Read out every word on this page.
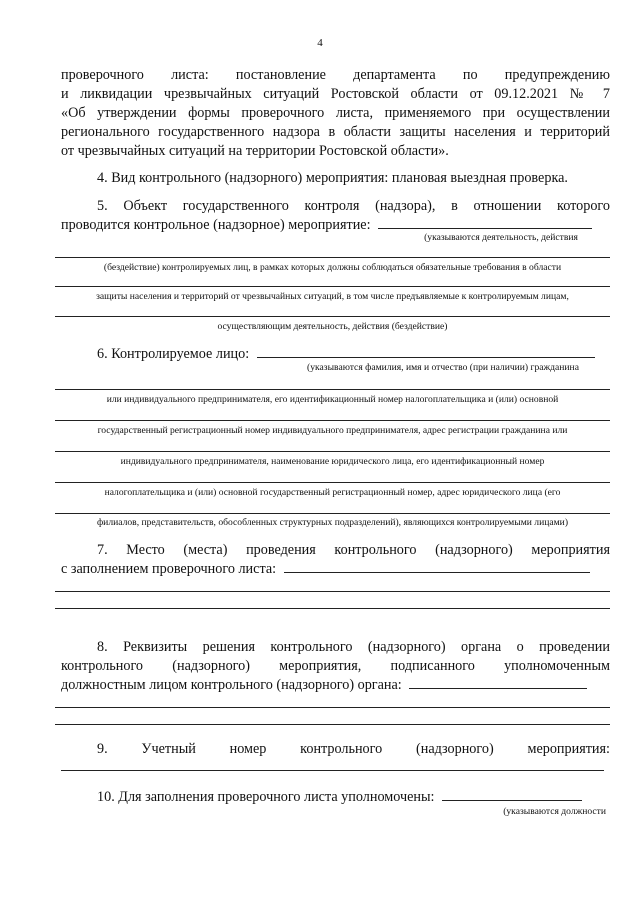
4
проверочного листа: постановление департамента по предупреждению
и ликвидации чрезвычайных ситуаций Ростовской области от 09.12.2021 № 7
«Об утверждении формы проверочного листа, применяемого при осуществлении
регионального государственного надзора в области защиты населения и территорий
от чрезвычайных ситуаций на территории Ростовской области».
4. Вид контрольного (надзорного) мероприятия: плановая выездная проверка.
5. Объект государственного контроля (надзора), в отношении которого
проводится контрольное (надзорное) мероприятие:
(указываются деятельность, действия
(бездействие) контролируемых лиц, в рамках которых должны соблюдаться обязательные требования в области
защиты населения и территорий от чрезвычайных ситуаций, в том числе предъявляемые к контролируемым лицам,
осуществляющим деятельность, действия (бездействие)
6. Контролируемое лицо:
(указываются фамилия, имя и отчество (при наличии) гражданина
или индивидуального предпринимателя, его идентификационный номер налогоплательщика и (или) основной
государственный регистрационный номер индивидуального предпринимателя, адрес регистрации гражданина или
индивидуального предпринимателя, наименование юридического лица, его идентификационный номер
налогоплательщика и (или) основной государственный регистрационный номер, адрес юридического лица (его
филиалов, представительств, обособленных структурных подразделений), являющихся контролируемыми лицами)
7. Место (места) проведения контрольного (надзорного) мероприятия
с заполнением проверочного листа:
8. Реквизиты решения контрольного (надзорного) органа о проведении
контрольного (надзорного) мероприятия, подписанного уполномоченным
должностным лицом контрольного (надзорного) органа:
9. Учетный номер контрольного (надзорного) мероприятия:
10. Для заполнения проверочного листа уполномочены:
(указываются должности
